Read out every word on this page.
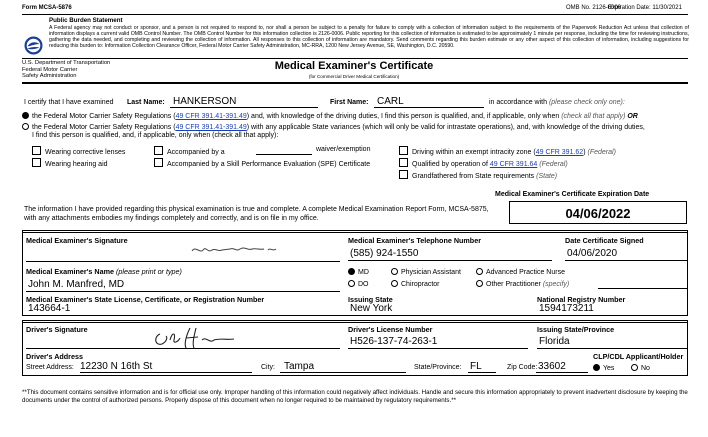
Form MCSA-5876	OMB No. 2126-0006
Expiration Date: 11/30/2021
Public Burden Statement
A Federal agency may not conduct or sponsor, and a person is not required to respond to, nor shall a person be subject to a penalty for failure to comply with a collection of information subject to the requirements of the Paperwork Reduction Act unless that collection of information displays a current valid OMB Control Number. The OMB Control Number for this information collection is 2126-0006. Public reporting for this collection of information is estimated to be approximately 1 minute per response, including the time for reviewing instructions, gathering the data needed, and completing and reviewing the collection of information. All responses to this collection of information are mandatory. Send comments regarding this burden estimate or any other aspect of this collection of information, including suggestions for reducing this burden to: Information Collection Clearance Officer, Federal Motor Carrier Safety Administration, MC-RRA, 1200 New Jersey Avenue, SE, Washington, D.C. 20590.
U.S. Department of Transportation
Federal Motor Carrier
Safety Administration
Medical Examiner's Certificate
(for Commercial Driver Medical Certification)
I certify that I have examined Last Name: HANKERSON	First Name: CARL	in accordance with (please check only one):
the Federal Motor Carrier Safety Regulations (49 CFR 391.41-391.49) and, with knowledge of the driving duties, I find this person is qualified, and, if applicable, only when (check all that apply) OR
the Federal Motor Carrier Safety Regulations (49 CFR 391.41-391.49) with any applicable State variances (which will only be valid for intrastate operations), and, with knowledge of the driving duties,
I find this person is qualified, and, if applicable, only when (check all that apply):
Wearing corrective lenses
Wearing hearing aid
Accompanied by a	waiver/exemption
Accompanied by a Skill Performance Evaluation (SPE) Certificate
Driving within an exempt intracity zone (49 CFR 391.62) (Federal)
Qualified by operation of 49 CFR 391.64 (Federal)
Grandfathered from State requirements (State)
Medical Examiner's Certificate Expiration Date
04/06/2022
The information I have provided regarding this physical examination is true and complete. A complete Medical Examination Report Form, MCSA-5875, with any attachments embodies my findings completely and correctly, and is on file in my office.
Medical Examiner's Signature	Medical Examiner's Telephone Number
(585) 924-1550
Date Certificate Signed
04/06/2020
Medical Examiner's Name (please print or type)
John M. Manfred, MD
MD	Physician Assistant	Advanced Practice Nurse
DO	Chiropractor	Other Practitioner (specify)
Medical Examiner's State License, Certificate, or Registration Number
143664-1
Issuing State
New York
National Registry Number
1594173211
Driver's Signature	Driver's License Number
H526-137-74-263-1
Issuing State/Province
Florida
Driver's Address
Street Address: 12230 N 16th St	City: Tampa	State/Province: FL	Zip Code: 33602
CLP/CDL Applicant/Holder
Yes	No
**This document contains sensitive information and is for official use only. Improper handling of this information could negatively affect individuals. Handle and secure this information appropriately to prevent inadvertent disclosure by keeping the documents under the control of authorized persons. Properly dispose of this document when no longer required to be maintained by regulatory requirements.**
